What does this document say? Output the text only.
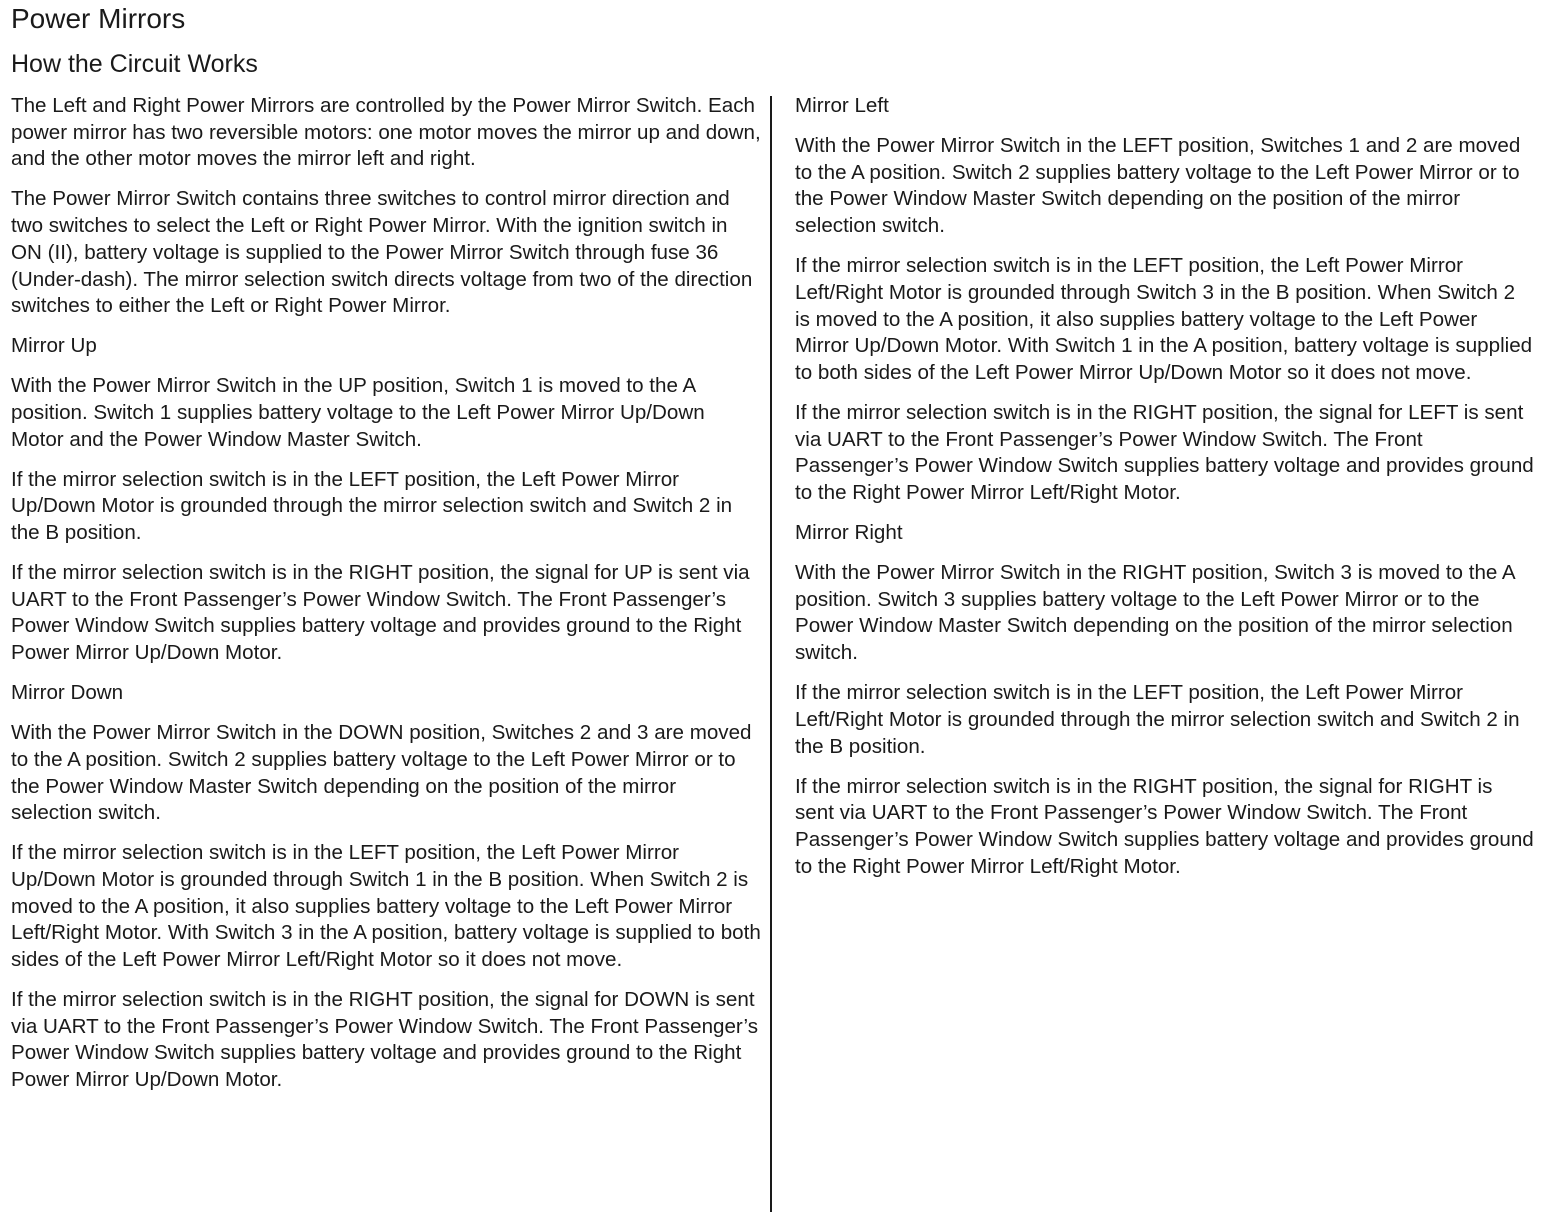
Power Mirrors
How the Circuit Works

The Left and Right Power Mirrors are controlled by the Power Mirror Switch. Each power mirror has two reversible motors: one motor moves the mirror up and down, and the other motor moves the mirror left and right.

The Power Mirror Switch contains three switches to control mirror direction and two switches to select the Left or Right Power Mirror. With the ignition switch in ON (II), battery voltage is supplied to the Power Mirror Switch through fuse 36 (Under-dash). The mirror selection switch directs voltage from two of the direction switches to either the Left or Right Power Mirror.

Mirror Up

With the Power Mirror Switch in the UP position, Switch 1 is moved to the A position. Switch 1 supplies battery voltage to the Left Power Mirror Up/Down Motor and the Power Window Master Switch.

If the mirror selection switch is in the LEFT position, the Left Power Mirror Up/Down Motor is grounded through the mirror selection switch and Switch 2 in the B position.

If the mirror selection switch is in the RIGHT position, the signal for UP is sent via UART to the Front Passenger’s Power Window Switch. The Front Passenger’s Power Window Switch supplies battery voltage and provides ground to the Right Power Mirror Up/Down Motor.

Mirror Down

With the Power Mirror Switch in the DOWN position, Switches 2 and 3 are moved to the A position. Switch 2 supplies battery voltage to the Left Power Mirror or to the Power Window Master Switch depending on the position of the mirror selection switch.

If the mirror selection switch is in the LEFT position, the Left Power Mirror Up/Down Motor is grounded through Switch 1 in the B position. When Switch 2 is moved to the A position, it also supplies battery voltage to the Left Power Mirror Left/Right Motor. With Switch 3 in the A position, battery voltage is supplied to both sides of the Left Power Mirror Left/Right Motor so it does not move.

If the mirror selection switch is in the RIGHT position, the signal for DOWN is sent via UART to the Front Passenger’s Power Window Switch. The Front Passenger’s Power Window Switch supplies battery voltage and provides ground to the Right Power Mirror Up/Down Motor.

Mirror Left

With the Power Mirror Switch in the LEFT position, Switches 1 and 2 are moved to the A position. Switch 2 supplies battery voltage to the Left Power Mirror or to the Power Window Master Switch depending on the position of the mirror selection switch.

If the mirror selection switch is in the LEFT position, the Left Power Mirror Left/Right Motor is grounded through Switch 3 in the B position. When Switch 2 is moved to the A position, it also supplies battery voltage to the Left Power Mirror Up/Down Motor. With Switch 1 in the A position, battery voltage is supplied to both sides of the Left Power Mirror Up/Down Motor so it does not move.

If the mirror selection switch is in the RIGHT position, the signal for LEFT is sent via UART to the Front Passenger’s Power Window Switch. The Front Passenger’s Power Window Switch supplies battery voltage and provides ground to the Right Power Mirror Left/Right Motor.

Mirror Right

With the Power Mirror Switch in the RIGHT position, Switch 3 is moved to the A position. Switch 3 supplies battery voltage to the Left Power Mirror or to the Power Window Master Switch depending on the position of the mirror selection switch.

If the mirror selection switch is in the LEFT position, the Left Power Mirror Left/Right Motor is grounded through the mirror selection switch and Switch 2 in the B position.

If the mirror selection switch is in the RIGHT position, the signal for RIGHT is sent via UART to the Front Passenger’s Power Window Switch. The Front Passenger’s Power Window Switch supplies battery voltage and provides ground to the Right Power Mirror Left/Right Motor.
